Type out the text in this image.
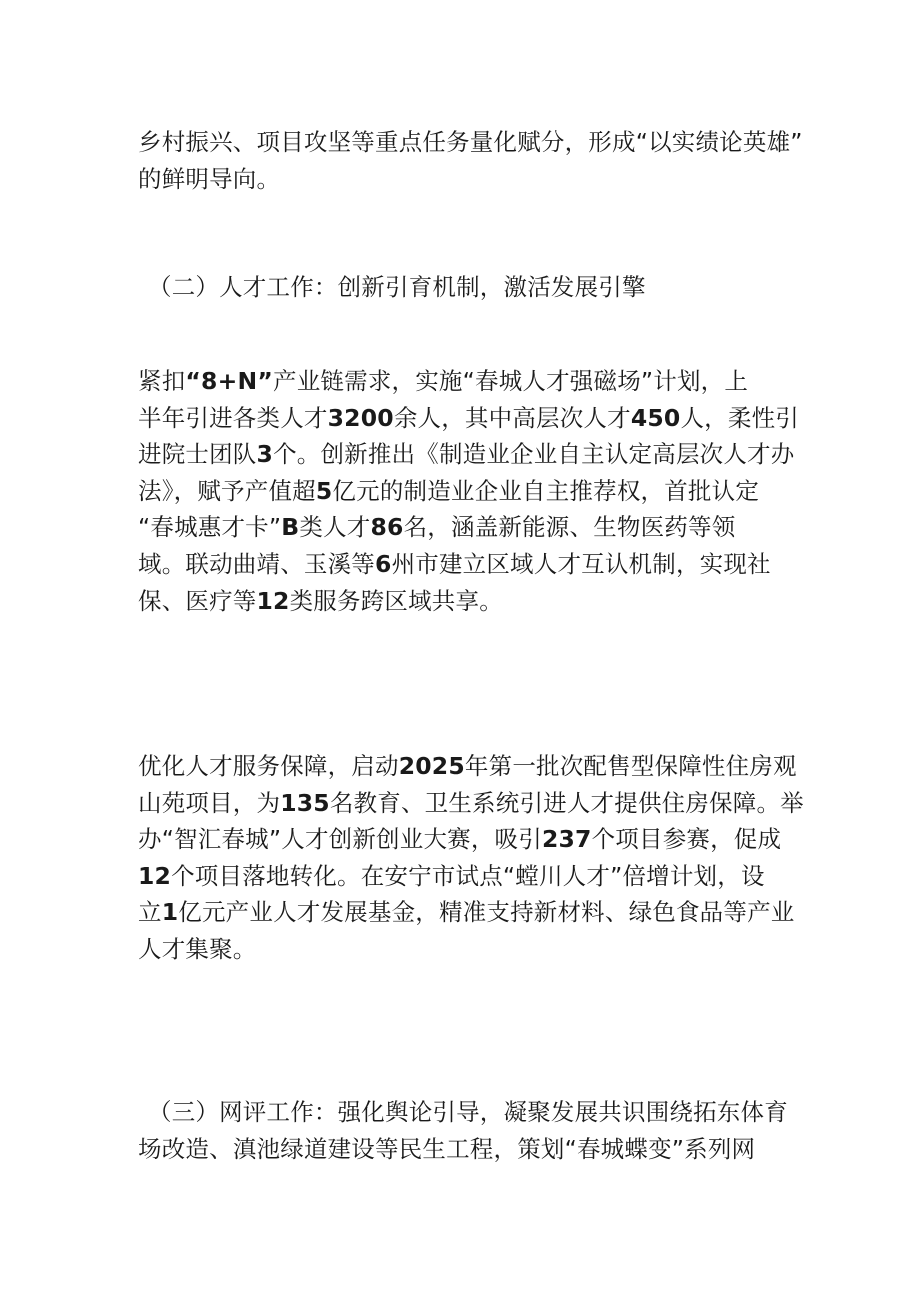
乡村振兴、项目攻坚等重点任务量化赋分，形成“以实绩论英雄”
的鲜明导向。

（二）人才工作：创新引育机制，激活发展引擎

紧扣“8+N”产业链需求，实施“春城人才强磁场”计划，上
半年引进各类人才3200余人，其中高层次人才450人，柔性引
进院士团队3个。创新推出《制造业企业自主认定高层次人才办
法》，赋予产值超5亿元的制造业企业自主推荐权，首批认定
“春城惠才卡”B类人才86名，涵盖新能源、生物医药等领
域。联动曲靖、玉溪等6州市建立区域人才互认机制，实现社
保、医疗等12类服务跨区域共享。

优化人才服务保障，启动2025年第一批次配售型保障性住房观
山苑项目，为135名教育、卫生系统引进人才提供住房保障。举
办“智汇春城”人才创新创业大赛，吸引237个项目参赛，促成
12个项目落地转化。在安宁市试点“螳川人才”倍增计划，设
立1亿元产业人才发展基金，精准支持新材料、绿色食品等产业
人才集聚。

（三）网评工作：强化舆论引导，凝聚发展共识围绕拓东体育
场改造、滇池绿道建设等民生工程，策划“春城蝶变”系列网
